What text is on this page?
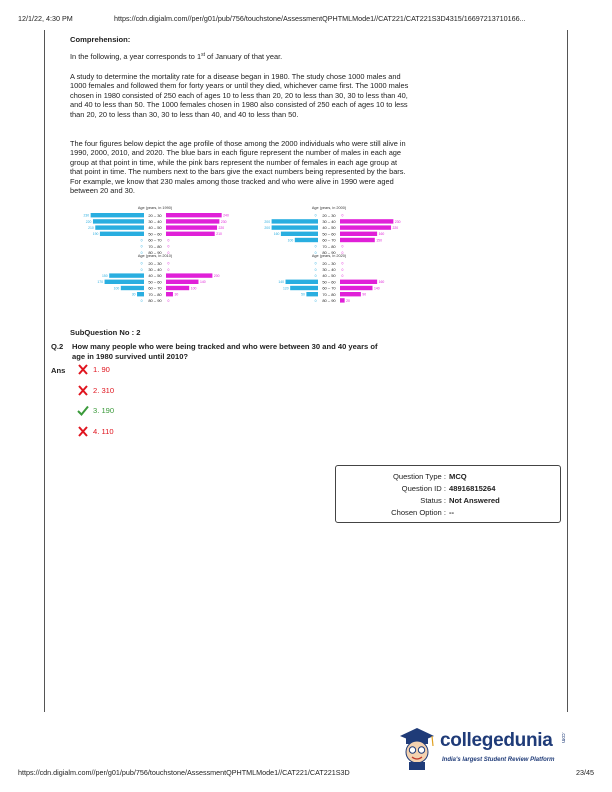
12/1/22, 4:30 PM	https://cdn.digialm.com//per/g01/pub/756/touchstone/AssessmentQPHTMLMode1//CAT221/CAT221S3D4315/16697213710166...
Comprehension:
In the following, a year corresponds to 1st of January of that year.
A study to determine the mortality rate for a disease began in 1980. The study chose 1000 males and 1000 females and followed them for forty years or until they died, whichever came first. The 1000 males chosen in 1980 consisted of 250 each of ages 10 to less than 20, 20 to less than 30, 30 to less than 40, and 40 to less than 50. The 1000 females chosen in 1980 also consisted of 250 each of ages 10 to less than 20, 20 to less than 30, 30 to less than 40, and 40 to less than 50.
The four figures below depict the age profile of those among the 2000 individuals who were still alive in 1990, 2000, 2010, and 2020. The blue bars in each figure represent the number of males in each age group at that point in time, while the pink bars represent the number of females in each age group at that point in time. The numbers next to the bars give the exact numbers being represented by the bars. For example, we know that 230 males among those tracked and who were alive in 1990 were aged between 20 and 30.
Age (years, in 1990)
20 – 30
230	240
30 – 40
220	230
40 – 50
210	220
50 – 60
190	210
60 – 70
0	0
70 – 80
0	0
80 – 90
0	0
Age (years, in 2000)
20 – 30
0	0
30 – 40
200	230
40 – 50
200	220
50 – 60
160	160
60 – 70
100	150
70 – 80
0	0
80 – 90
0	0
Age (years, in 2010)
20 – 30
0	0
30 – 40
0	0
40 – 50
150	200
50 – 60
170	140
60 – 70
100	100
70 – 80
30	30
80 – 90
0	0
Age (years, in 2020)
20 – 30
0	0
30 – 40
0	0
40 – 50
0	0
50 – 60
140	160
60 – 70
120	140
70 – 80
50	90
80 – 90
0	20
SubQuestion No : 2
Q.2 How many people who were being tracked and who were between 30 and 40 years of age in 1980 survived until 2010?
Ans	1. 90
2. 310
3. 190
4. 110
Question Type : MCQ
Question ID : 48916815264
Status : Not Answered
Chosen Option : --
collegedunia .com
India's largest Student Review Platform
https://cdn.digialm.com//per/g01/pub/756/touchstone/AssessmentQPHTMLMode1//CAT221/CAT221S3D	23/45
